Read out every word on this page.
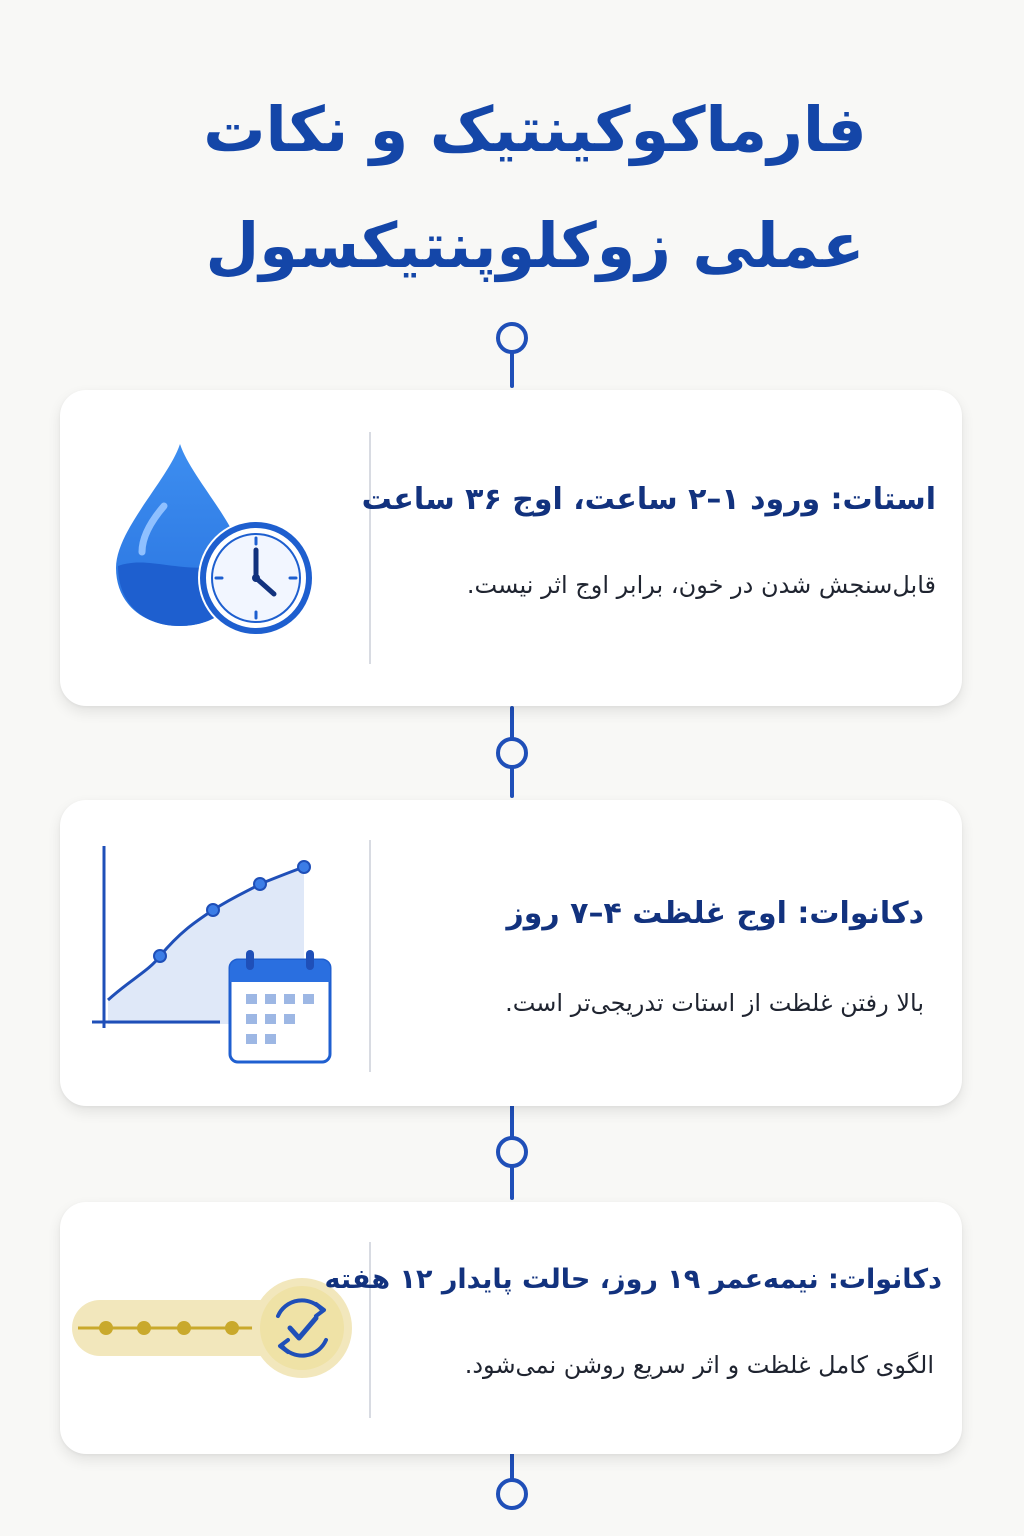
فارماکوکینتیک و نکات
عملی زوکلوپنتیکسول
استات: ورود ۱–۲ ساعت، اوج ۳۶ ساعت
قابل‌سنجش شدن در خون، برابر اوج اثر نیست.
دکانوات: اوج غلظت ۴–۷ روز
بالا رفتن غلظت از استات تدریجی‌تر است.
دکانوات: نیمه‌عمر ۱۹ روز، حالت پایدار ۱۲ هفته
الگوی کامل غلظت و اثر سریع روشن نمی‌شود.
